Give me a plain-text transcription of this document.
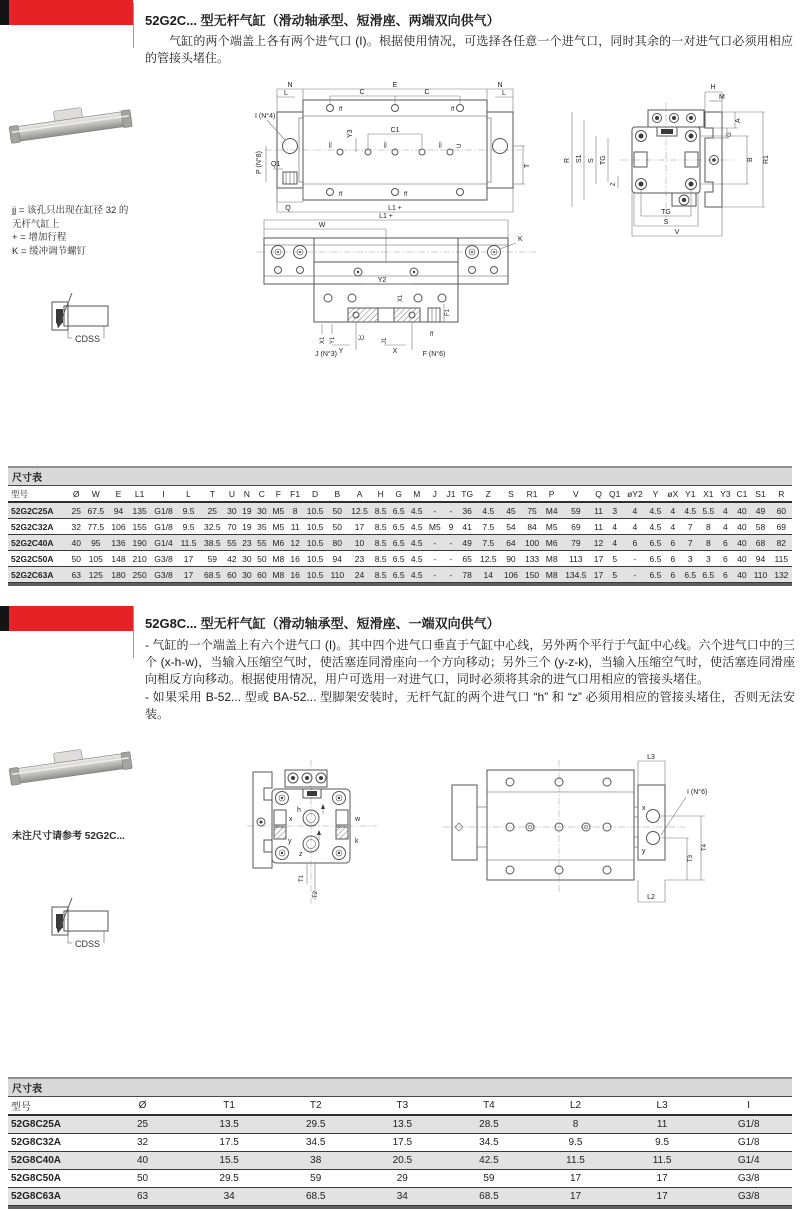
52G2C... 型无杆气缸（滑动轴承型、短滑座、两端双向供气）
气缸的两个端盖上各有两个进气口 (I)。根据使用情况，可选择各任意一个进气口，同时其余的一对进气口必须用相应的管接头堵住。
jj = 该孔只出现在缸径 32 的无杆气缸上
+ = 增加行程
K = 缓冲调节螺钉
CDSS
ff	ff
ff	ff
jj	jj	jj
E
C	C
N	N
L	L
I (N°4)
P (N°8) Q1
Q
Y3	C1
U
T
L1 +
H
M
A
G
B R1
R S1 S TG
Z
TG
S
V
L1 +
W
K
Y2
X1
X1 Y1
Y
JJ	J1
X
ff
F1
J (N°3)	F (N°6)
尺寸表
型号	Ø	W	E	L1	I	L	T	U	N	C	F	F1	D	B	A	H	G	M	J	J1	TG	Z	S	R1	P	V	Q	Q1	øY2	Y	øX	Y1	X1	Y3	C1	S1	R
52G2C25A	25	67.5	94	135	G1/8	9.5	25	30	19	30	M5	8	10.5	50	12.5	8.5	6.5	4.5	-	-	36	4.5	45	75	M4	59	11	3	4	4.5	4	4.5	5.5	4	40	49	60
52G2C32A	32	77.5	106	155	G1/8	9.5	32.5	70	19	35	M5	11	10.5	50	17	8.5	6.5	4.5	M5	9	41	7.5	54	84	M5	69	11	4	4	4.5	4	7	8	4	40	58	69
52G2C40A	40	95	136	190	G1/4	11.5	38.5	55	23	55	M6	12	10.5	80	10	8.5	6.5	4.5	-	-	49	7.5	64	100	M6	79	12	4	6	6.5	6	7	8	6	40	68	82
52G2C50A	50	105	148	210	G3/8	17	59	42	30	50	M8	16	10.5	94	23	8.5	6.5	4.5	-	-	65	12.5	90	133	M8	113	17	5	-	6.5	6	3	3	6	40	94	115
52G2C63A	63	125	180	250	G3/8	17	68.5	60	30	60	M8	16	10.5	110	24	8.5	6.5	4.5	-	-	78	14	106	150	M8	134.5	17	5	-	6.5	6	6.5	6.5	6	40	110	132
52G8C... 型无杆气缸（滑动轴承型、短滑座、一端双向供气）
- 气缸的一个端盖上有六个进气口 (I)。其中四个进气口垂直于气缸中心线，另外两个平行于气缸中心线。六个进气口中的三个 (x-h-w)，当输入压缩空气时，使活塞连同滑座向一个方向移动；另外三个 (y-z-k)，当输入压缩空气时，使活塞连同滑座向相反方向移动。根据使用情况，用户可选用一对进气口，同时必须将其余的进气口用相应的管接头堵住。
- 如果采用 B-52... 型或 BA-52... 型脚架安装时，无杆气缸的两个进气口 “h” 和 “z” 必须用相应的管接头堵住，否则无法安装。
未注尺寸请参考 52G2C...
CDSS
h
x	w
y	k
z
T1
T2
x
y
I (N°6)
L3
T4
T3
L2
尺寸表
型号	Ø	T1	T2	T3	T4	L2	L3	I
52G8C25A	25	13.5	29.5	13.5	28.5	8	11	G1/8
52G8C32A	32	17.5	34.5	17.5	34.5	9.5	9.5	G1/8
52G8C40A	40	15.5	38	20.5	42.5	11.5	11.5	G1/4
52G8C50A	50	29.5	59	29	59	17	17	G3/8
52G8C63A	63	34	68.5	34	68.5	17	17	G3/8
